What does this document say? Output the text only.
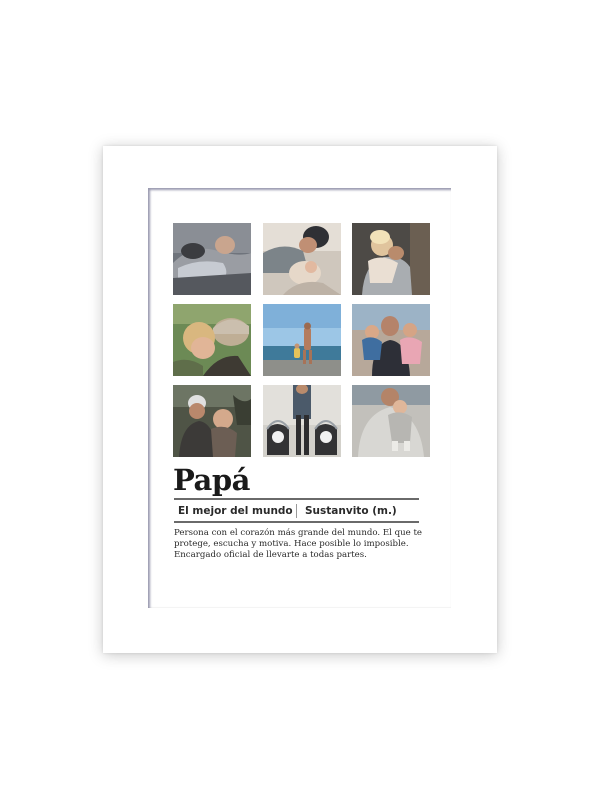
Papá
El mejor del mundo Sustanvito (m.)

Persona con el corazón más grande del mundo. El que te
protege, escucha y motiva. Hace posible lo imposible.
Encargado oficial de llevarte a todas partes.
